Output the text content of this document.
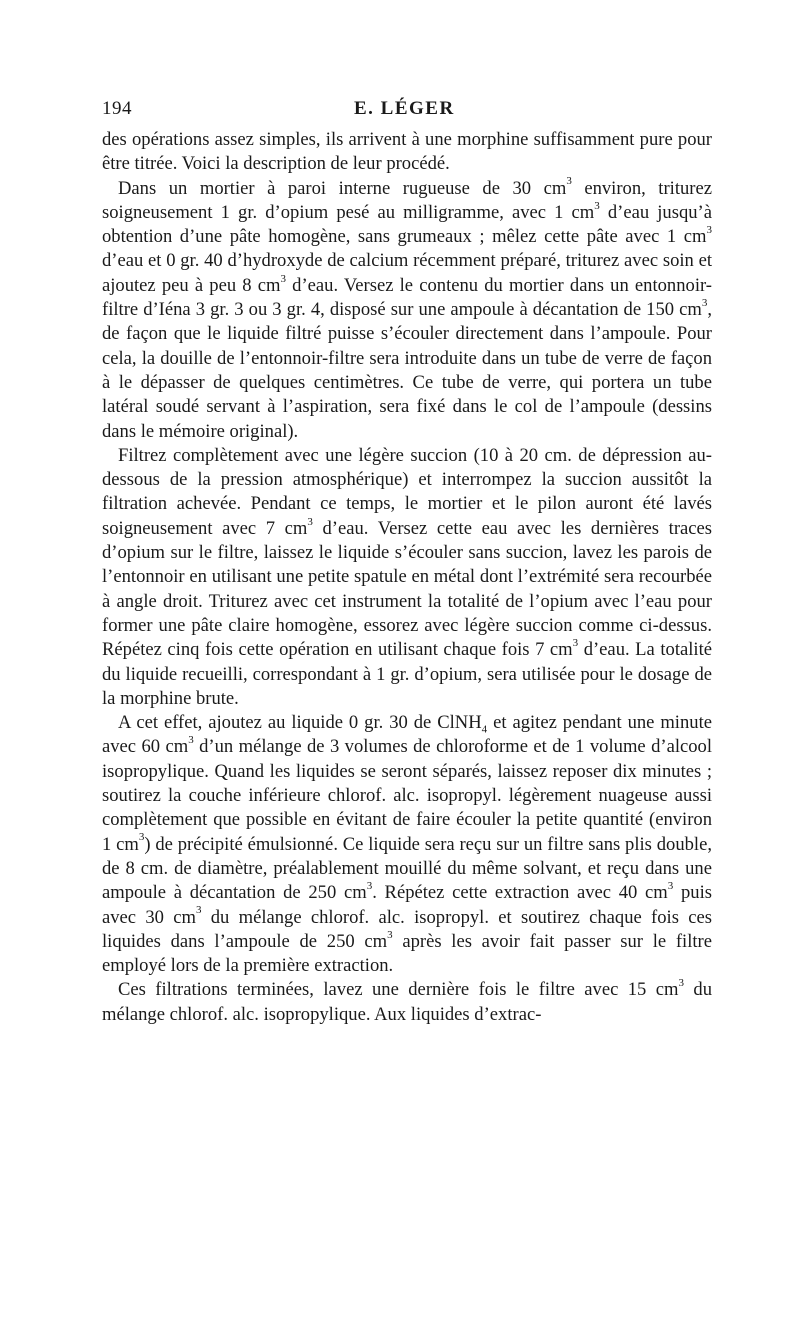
194	E. LÉGER

des opérations assez simples, ils arrivent à une morphine suffisamment pure pour être titrée. Voici la description de leur procédé.

Dans un mortier à paroi interne rugueuse de 30 $cm^3$ environ, triturez soigneusement 1 gr. d’opium pesé au milligramme, avec 1 $cm^3$ d’eau jusqu’à obtention d’une pâte homogène, sans grumeaux ; mêlez cette pâte avec 1 $cm^3$ d’eau et 0 gr. 40 d’hydroxyde de calcium récemment préparé, triturez avec soin et ajoutez peu à peu 8 $cm^3$ d’eau. Versez le contenu du mortier dans un entonnoir-filtre d’Iéna 3 gr. 3 ou 3 gr. 4, disposé sur une ampoule à décantation de 150 $cm^3$, de façon que le liquide filtré puisse s’écouler directement dans l’ampoule. Pour cela, la douille de l’entonnoir-filtre sera introduite dans un tube de verre de façon à le dépasser de quelques centimètres. Ce tube de verre, qui portera un tube latéral soudé servant à l’aspiration, sera fixé dans le col de l’ampoule (dessins dans le mémoire original).

Filtrez complètement avec une légère succion (10 à 20 cm. de dépression au-dessous de la pression atmosphérique) et interrompez la succion aussitôt la filtration achevée. Pendant ce temps, le mortier et le pilon auront été lavés soigneusement avec 7 $cm^3$ d’eau. Versez cette eau avec les dernières traces d’opium sur le filtre, laissez le liquide s’écouler sans succion, lavez les parois de l’entonnoir en utilisant une petite spatule en métal dont l’extrémité sera recourbée à angle droit. Triturez avec cet instrument la totalité de l’opium avec l’eau pour former une pâte claire homogène, essorez avec légère succion comme ci-dessus. Répétez cinq fois cette opération en utilisant chaque fois 7 $cm^3$ d’eau. La totalité du liquide recueilli, correspondant à 1 gr. d’opium, sera utilisée pour le dosage de la morphine brute.

A cet effet, ajoutez au liquide 0 gr. 30 de ClNH$_4$ et agitez pendant une minute avec 60 $cm^3$ d’un mélange de 3 volumes de chloroforme et de 1 volume d’alcool isopropylique. Quand les liquides se seront séparés, laissez reposer dix minutes ; soutirez la couche inférieure chlorof. alc. isopropyl. légèrement nuageuse aussi complètement que possible en évitant de faire écouler la petite quantité (environ 1 $cm^3$) de précipité émulsionné. Ce liquide sera reçu sur un filtre sans plis double, de 8 cm. de diamètre, préalablement mouillé du même solvant, et reçu dans une ampoule à décantation de 250 $cm^3$. Répétez cette extraction avec 40 $cm^3$ puis avec 30 $cm^3$ du mélange chlorof. alc. isopropyl. et soutirez chaque fois ces liquides dans l’ampoule de 250 $cm^3$ après les avoir fait passer sur le filtre employé lors de la première extraction.

Ces filtrations terminées, lavez une dernière fois le filtre avec 15 $cm^3$ du mélange chlorof. alc. isopropylique. Aux liquides d’extrac-
